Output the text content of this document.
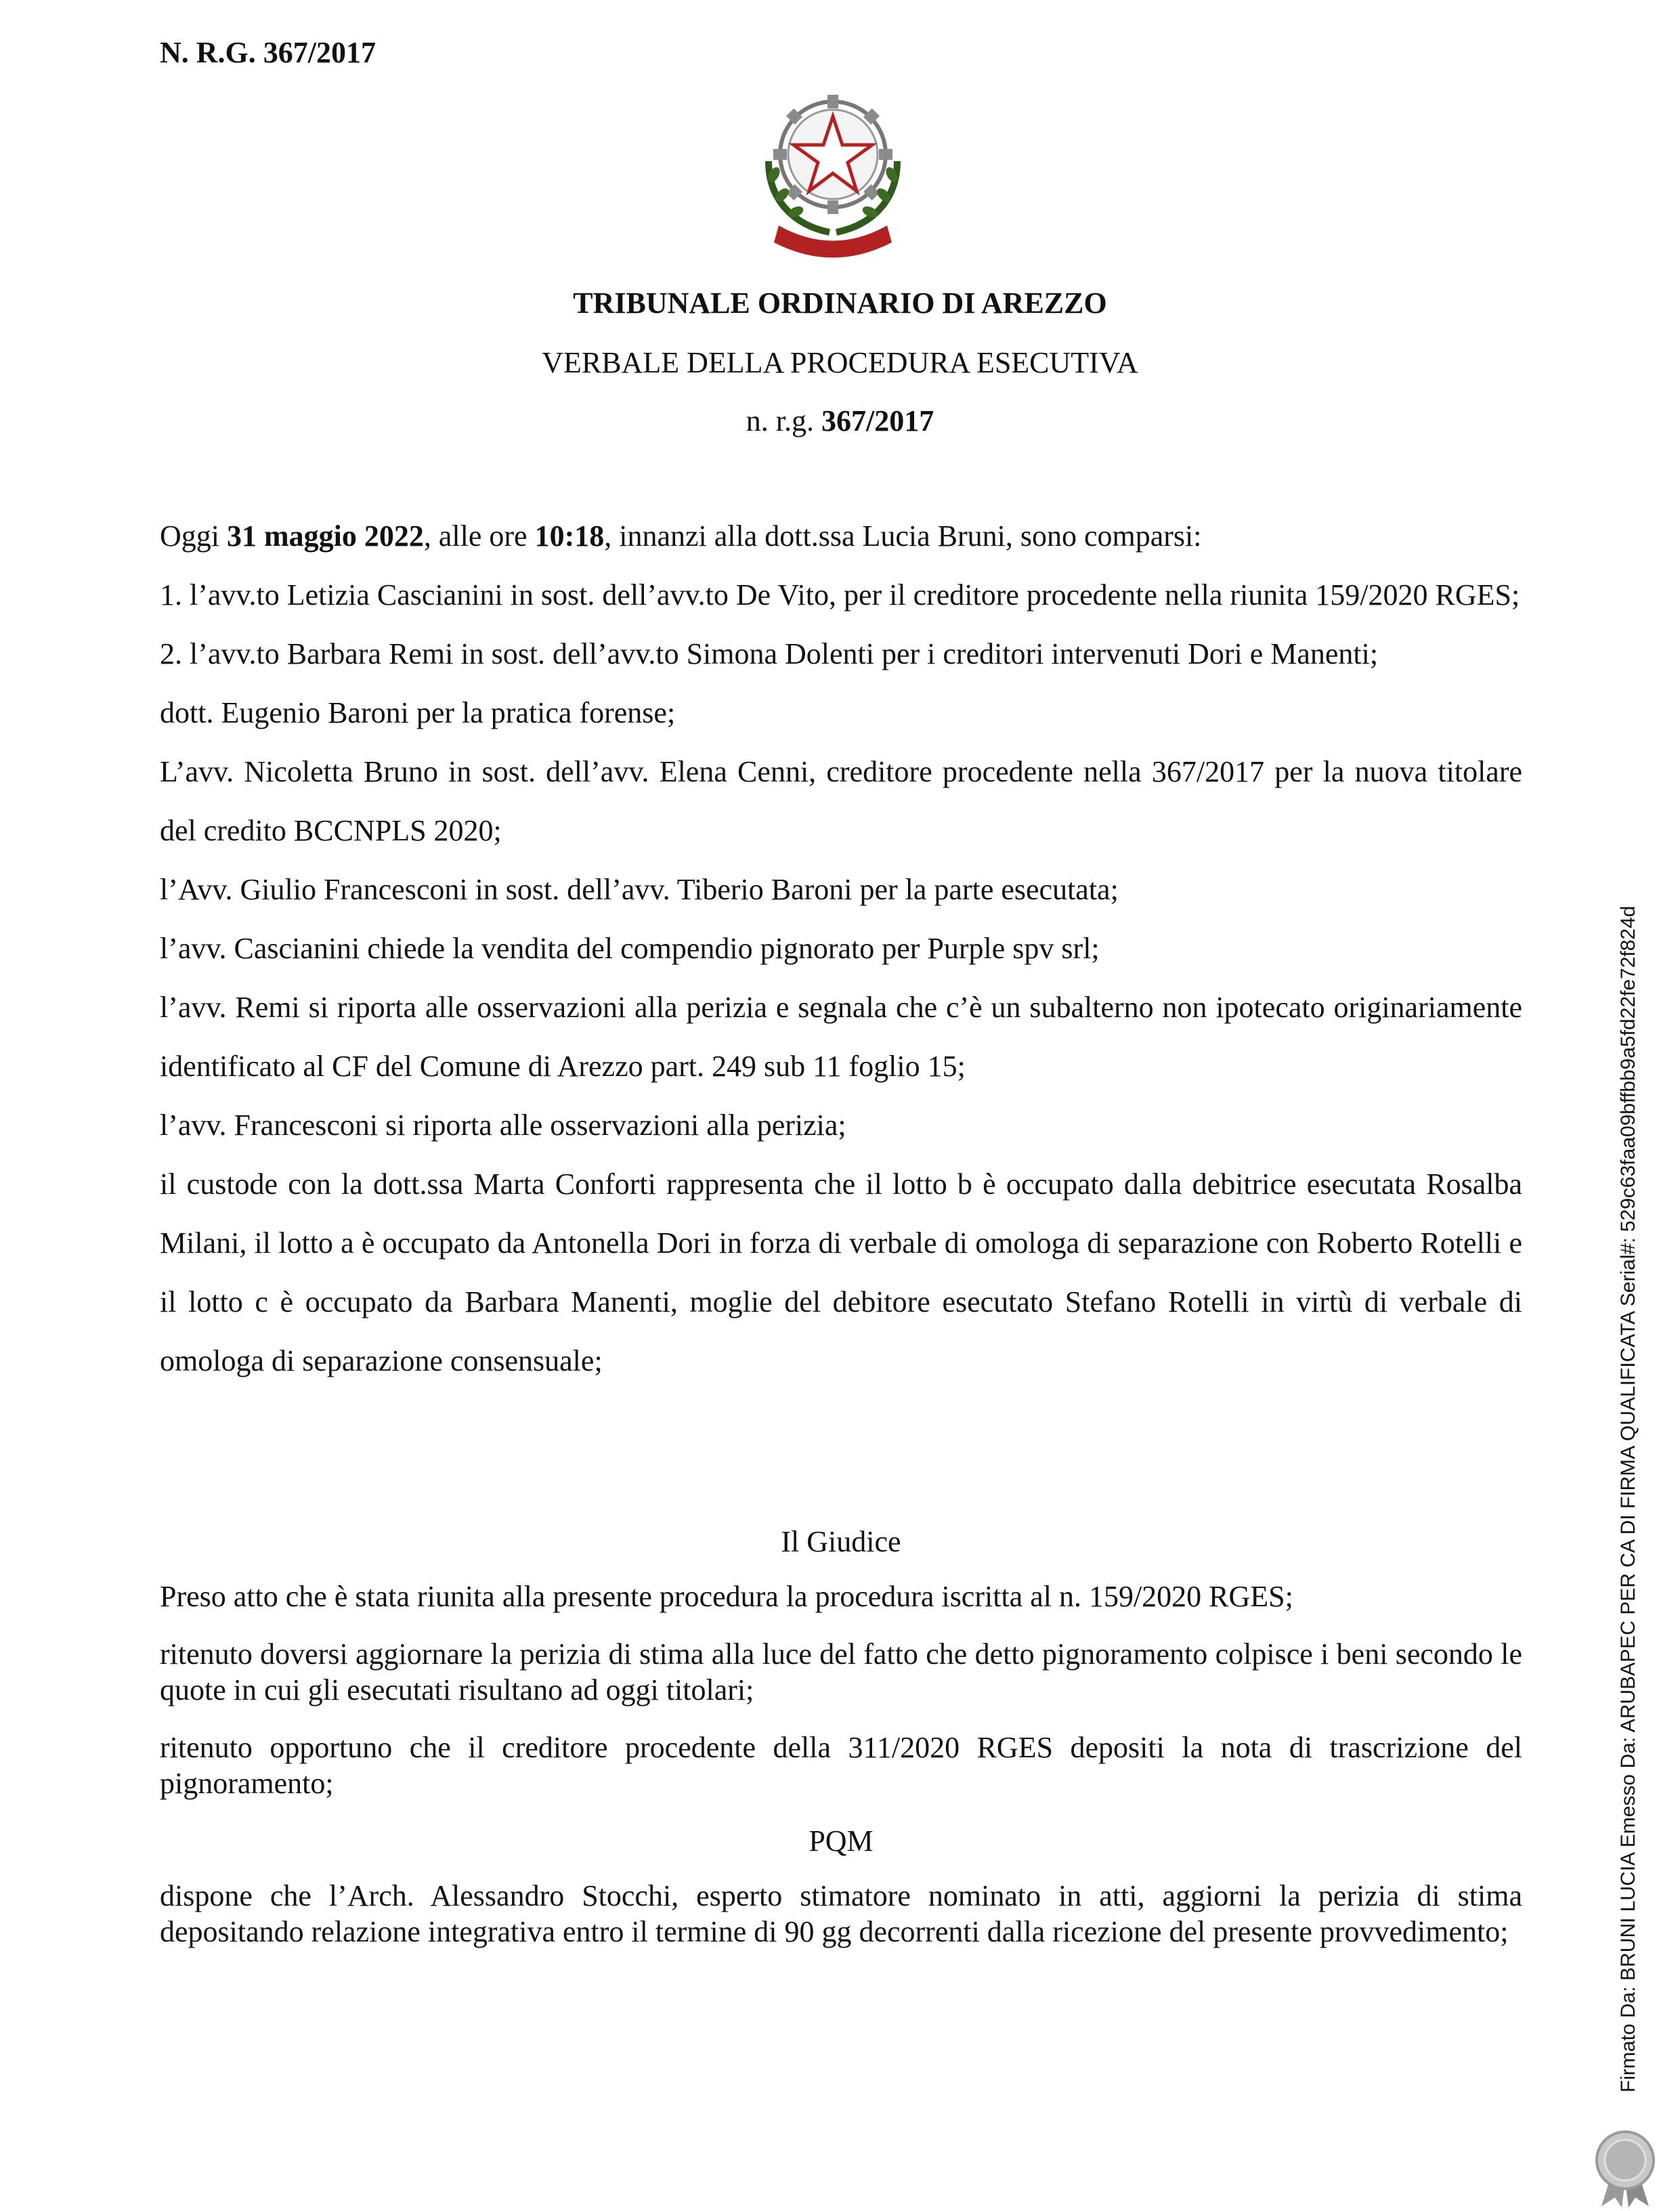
N. R.G. 367/2017
TRIBUNALE ORDINARIO DI AREZZO
VERBALE DELLA PROCEDURA ESECUTIVA
n. r.g. 367/2017

Oggi 31 maggio 2022, alle ore 10:18, innanzi alla dott.ssa Lucia Bruni, sono comparsi:

1. l’avv.to Letizia Cascianini in sost. dell’avv.to De Vito, per il creditore procedente nella riunita 159/2020 RGES;

2. l’avv.to Barbara Remi in sost. dell’avv.to Simona Dolenti per i creditori intervenuti Dori e Manenti;

dott. Eugenio Baroni per la pratica forense;

L’avv. Nicoletta Bruno in sost. dell’avv. Elena Cenni, creditore procedente nella 367/2017 per la nuova titolare del credito BCCNPLS 2020;

l’Avv. Giulio Francesconi in sost. dell’avv. Tiberio Baroni per la parte esecutata;

l’avv. Cascianini chiede la vendita del compendio pignorato per Purple spv srl;

l’avv. Remi si riporta alle osservazioni alla perizia e segnala che c’è un subalterno non ipotecato originariamente identificato al CF del Comune di Arezzo part. 249 sub 11 foglio 15;

l’avv. Francesconi si riporta alle osservazioni alla perizia;

il custode con la dott.ssa Marta Conforti rappresenta che il lotto b è occupato dalla debitrice esecutata Rosalba Milani, il lotto a è occupato da Antonella Dori in forza di verbale di omologa di separazione con Roberto Rotelli e il lotto c è occupato da Barbara Manenti, moglie del debitore esecutato Stefano Rotelli in virtù di verbale di omologa di separazione consensuale;

Il Giudice

Preso atto che è stata riunita alla presente procedura la procedura iscritta al n. 159/2020 RGES;

ritenuto doversi aggiornare la perizia di stima alla luce del fatto che detto pignoramento colpisce i beni secondo le quote in cui gli esecutati risultano ad oggi titolari;

ritenuto opportuno che il creditore procedente della 311/2020 RGES depositi la nota di trascrizione del pignoramento;

PQM

dispone che l’Arch. Alessandro Stocchi, esperto stimatore nominato in atti, aggiorni la perizia di stima depositando relazione integrativa entro il termine di 90 gg decorrenti dalla ricezione del presente provvedimento;	Firmato Da: BRUNI LUCIA Emesso Da: ARUBAPEC PER CA DI FIRMA QUALIFICATA Serial#: 529c63faa09bffbb9a5fd22fe72f824d
